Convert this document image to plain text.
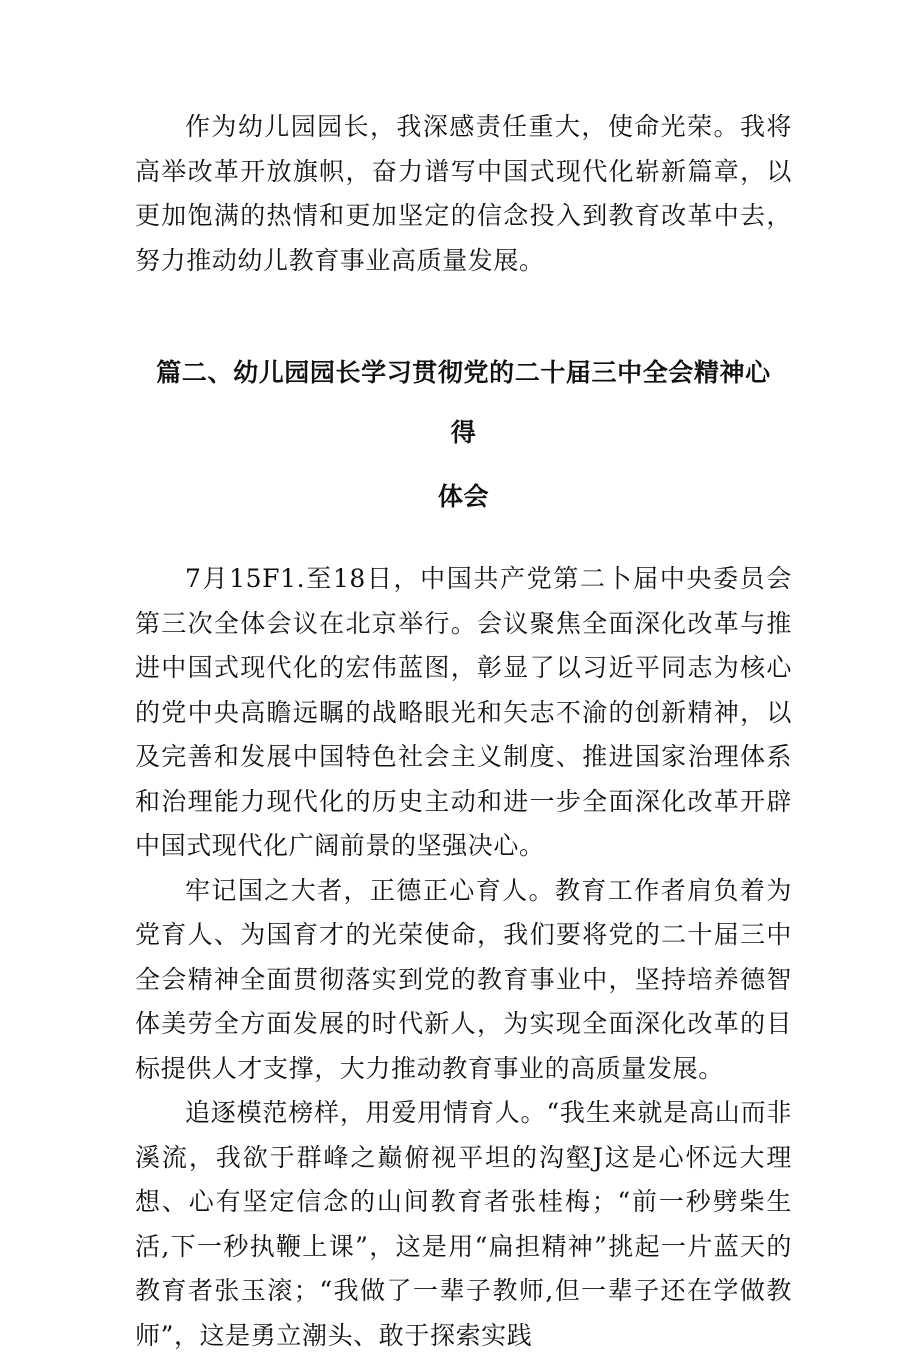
作为幼儿园园长，我深感责任重大，使命光荣。我将高举改革开放旗帜，奋力谱写中国式现代化崭新篇章，以更加饱满的热情和更加坚定的信念投入到教育改革中去，努力推动幼儿教育事业高质量发展。

篇二、幼儿园园长学习贯彻党的二十届三中全会精神心得
体会

7月15F1.至18日，中国共产党第二卜届中央委员会第三次全体会议在北京举行。会议聚焦全面深化改革与推进中国式现代化的宏伟蓝图，彰显了以习近平同志为核心的党中央高瞻远瞩的战略眼光和矢志不渝的创新精神，以及完善和发展中国特色社会主义制度、推进国家治理体系和治理能力现代化的历史主动和进一步全面深化改革开辟中国式现代化广阔前景的坚强决心。

牢记国之大者，正德正心育人。教育工作者肩负着为党育人、为国育才的光荣使命，我们要将党的二十届三中全会精神全面贯彻落实到党的教育事业中，坚持培养德智体美劳全方面发展的时代新人，为实现全面深化改革的目标提供人才支撑，大力推动教育事业的高质量发展。

追逐模范榜样，用爱用情育人。“我生来就是高山而非溪流，我欲于群峰之巅俯视平坦的沟壑J这是心怀远大理想、心有坚定信念的山间教育者张桂梅；“前一秒劈柴生活,下一秒执鞭上课”，这是用“扁担精神”挑起一片蓝天的教育者张玉滚；“我做了一辈子教师,但一辈子还在学做教师”，这是勇立潮头、敢于探索实践
